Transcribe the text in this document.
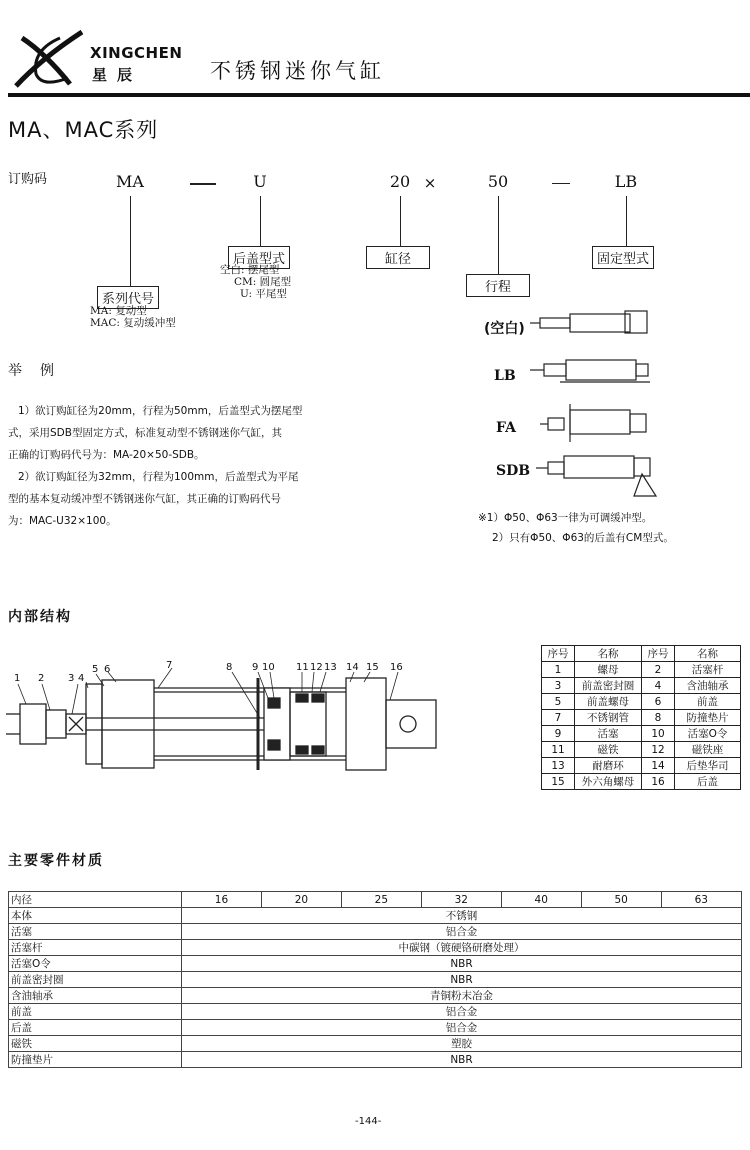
XINGCHEN
星辰	不锈钢迷你气缸
MA、MAC系列
订购码	MA	U	20 ×	50	LB
系列代号
MA: 复动型
MAC: 复动缓冲型
后盖型式
空白: 摆尾型
CM: 圆尾型
U: 平尾型
缸径
行程
固定型式
(空白)
LB
FA
SDB
举　例
1）欲订购缸径为20mm，行程为50mm，后盖型式为摆尾型
式，采用SDB型固定方式，标准复动型不锈钢迷你气缸，其
正确的订购码代号为：MA-20×50-SDB。
2）欲订购缸径为32mm，行程为100mm，后盖型式为平尾
型的基本复动缓冲型不锈钢迷你气缸，其正确的订购码代号
为：MAC-U32×100。	※1）Φ50、Φ63一律为可调缓冲型。
2）只有Φ50、Φ63的后盖有CM型式。
内部结构
1 2 3 4
5 6	7	8 9 10 11 12 13 14 15 16
序号	名称	序号	名称
1	螺母	2	活塞杆
3	前盖密封圈	4	含油轴承
5	前盖螺母	6	前盖
7	不锈钢管	8	防撞垫片
9	活塞	10	活塞O令
11	磁铁	12	磁铁座
13	耐磨环	14	后垫华司
15	外六角螺母	16	后盖
主要零件材质
内径	16	20	25	32	40	50	63
本体	不锈钢						
活塞	铝合金						
活塞杆	中碳钢（镀硬铬研磨处理）						
活塞O令	NBR						
前盖密封圈	NBR						
含油轴承	青铜粉末冶金						
前盖	铝合金						
后盖	铝合金						
磁铁	塑胶						
防撞垫片	NBR						
-144-
